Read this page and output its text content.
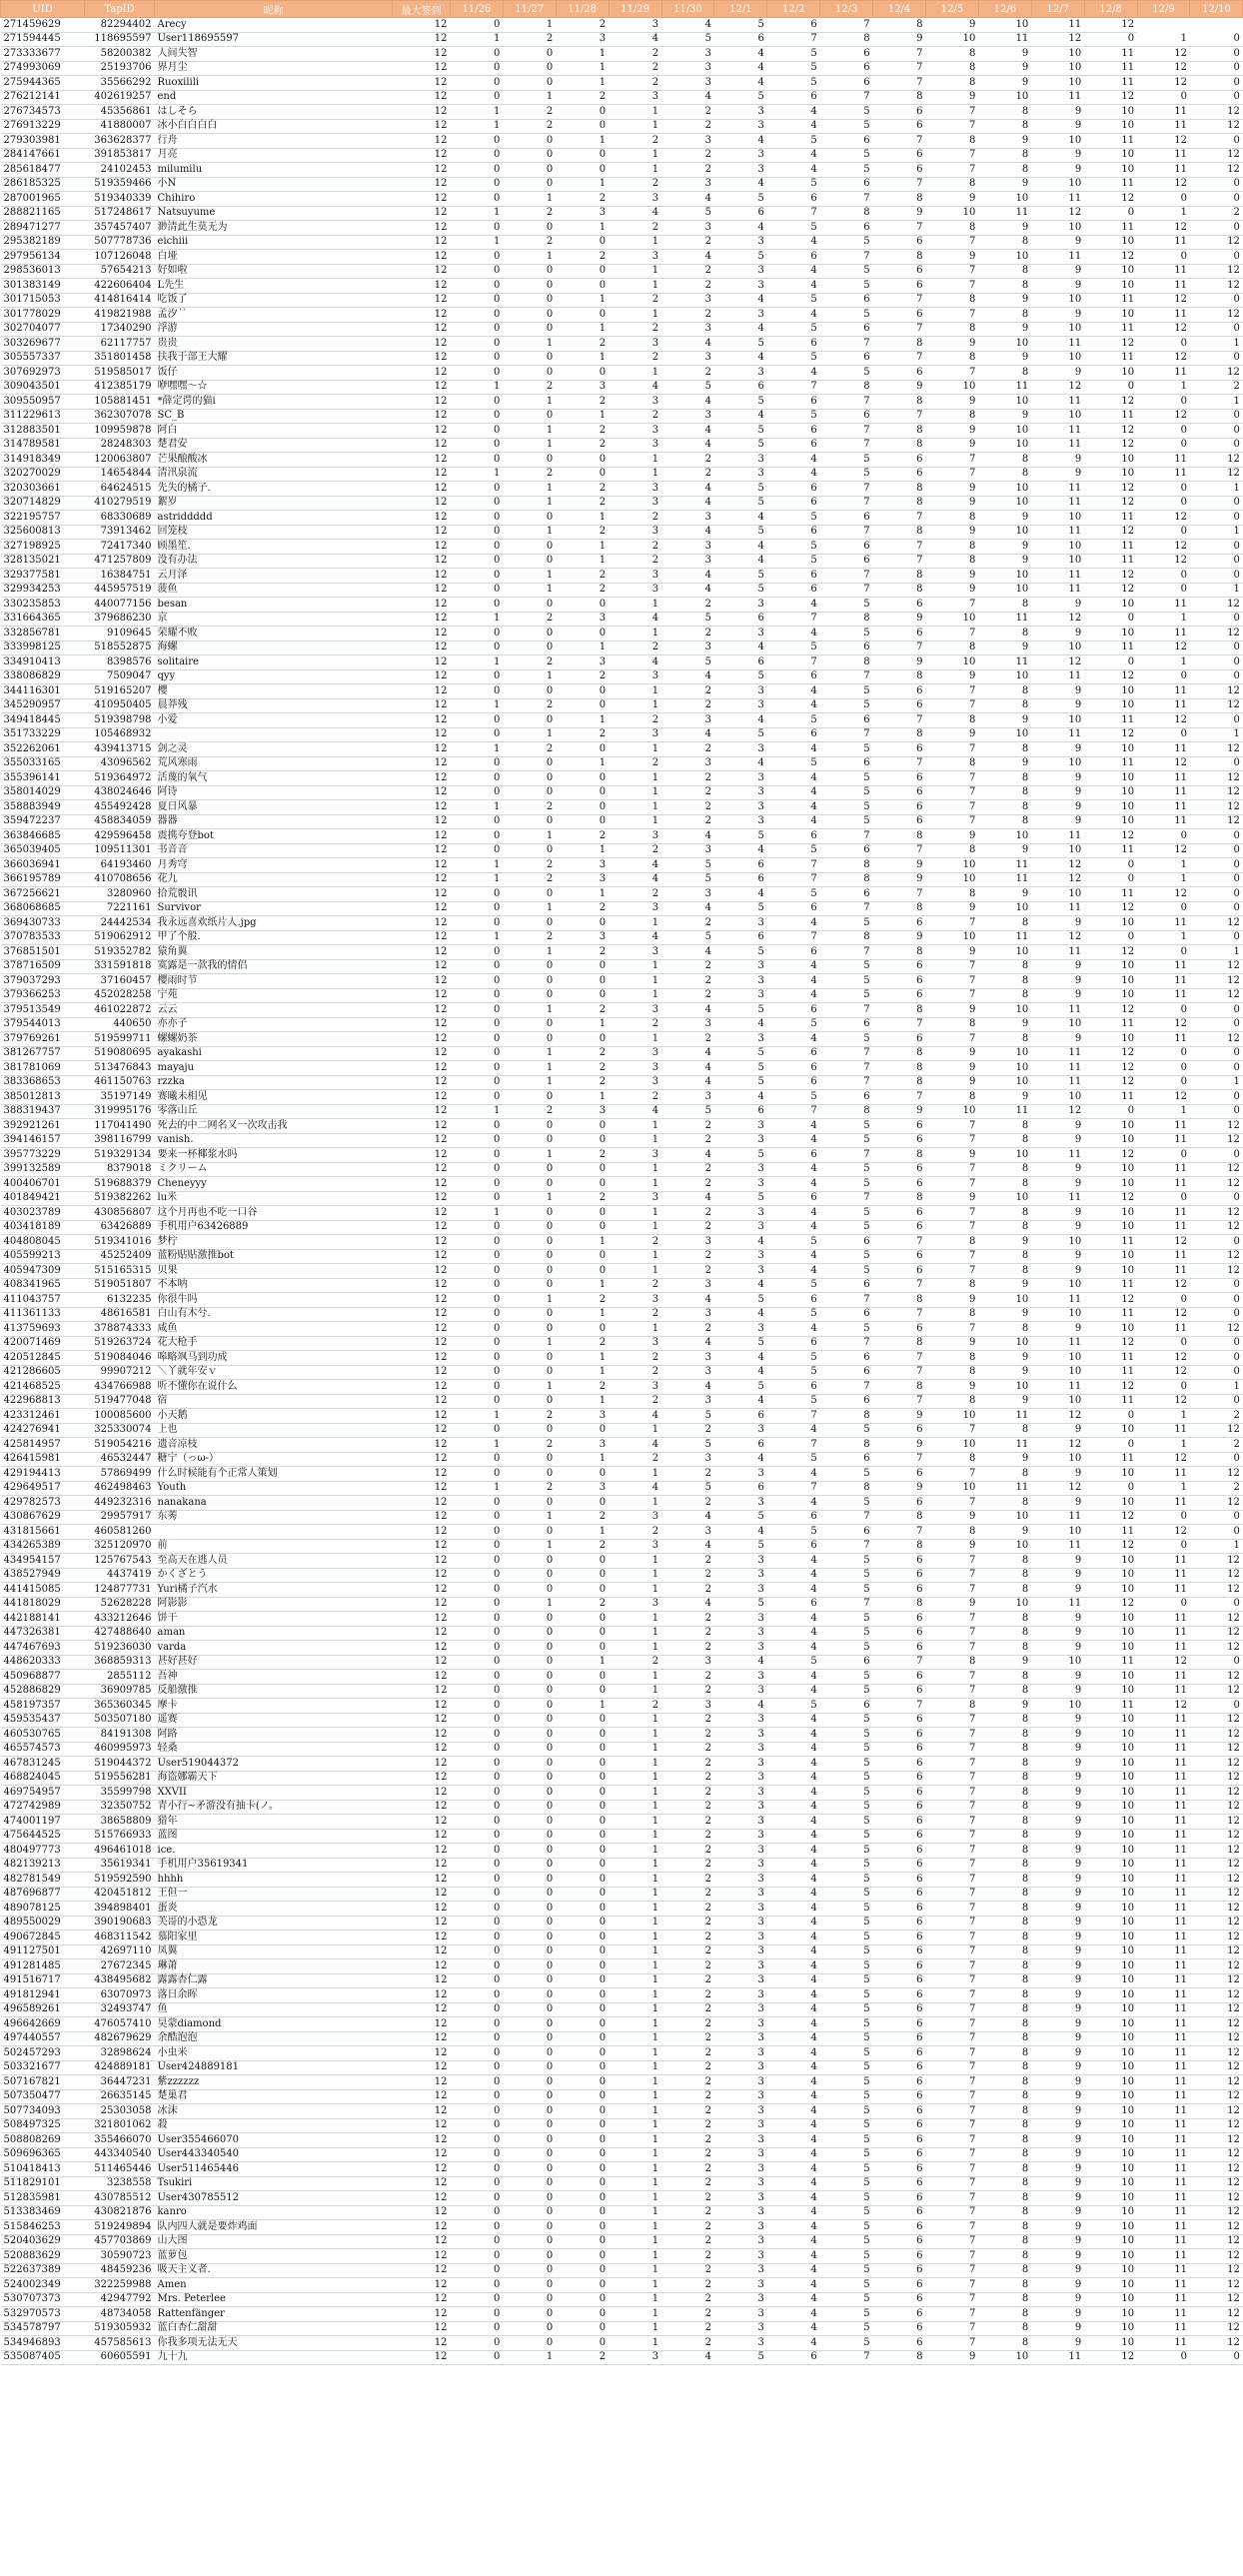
UID	TapID	昵称	最大签到	11/26	11/27	11/28	11/29	11/30	12/1	12/2	12/3	12/4	12/5	12/6	12/7	12/8	12/9	12/10
271459629	82294402	Arecy	12	0	1	2	3	4	5	6	7	8	9	10	11	12		
271594445	118695597	User118695597	12	1	2	3	4	5	6	7	8	9	10	11	12	0	1	0
273333677	58200382	人间失智	12	0	0	1	2	3	4	5	6	7	8	9	10	11	12	0
274993069	25193706	界月尘	12	0	0	1	2	3	4	5	6	7	8	9	10	11	12	0
275944365	35566292	Ruoxilili	12	0	0	1	2	3	4	5	6	7	8	9	10	11	12	0
276212141	402619257	end	12	0	1	2	3	4	5	6	7	8	9	10	11	12	0	0
276734573	45356861	はしそら	12	1	2	0	1	2	3	4	5	6	7	8	9	10	11	12
276913229	41880007	冰小白白白白	12	1	2	0	1	2	3	4	5	6	7	8	9	10	11	12
279303981	363628377	行舟	12	0	0	1	2	3	4	5	6	7	8	9	10	11	12	0
284147661	391853817	月亮	12	0	0	0	1	2	3	4	5	6	7	8	9	10	11	12
285618477	24102453	milumilu	12	0	0	0	1	2	3	4	5	6	7	8	9	10	11	12
286185325	519359466	小N	12	0	0	1	2	3	4	5	6	7	8	9	10	11	12	0
287001965	519340339	Chihiro	12	0	1	2	3	4	5	6	7	8	9	10	11	12	0	0
288821165	517248617	Natsuyume	12	1	2	3	4	5	6	7	8	9	10	11	12	0	1	2
289471277	357457407	渺清此生莫无为	12	0	0	1	2	3	4	5	6	7	8	9	10	11	12	0
295382189	507778736	eichiii	12	1	2	0	1	2	3	4	5	6	7	8	9	10	11	12
297956134	107126048	白垭	12	0	1	2	3	4	5	6	7	8	9	10	11	12	0	0
298536013	57654213	好如啦	12	0	0	0	1	2	3	4	5	6	7	8	9	10	11	12
301383149	422606404	L先生	12	0	0	0	1	2	3	4	5	6	7	8	9	10	11	12
301715053	414816414	吃饭了	12	0	0	1	2	3	4	5	6	7	8	9	10	11	12	0
301778029	419821988	孟汐ˊˋ	12	0	0	0	1	2	3	4	5	6	7	8	9	10	11	12
302704077	17340290	浮游	12	0	0	1	2	3	4	5	6	7	8	9	10	11	12	0
303269677	62117757	贵贵	12	0	1	2	3	4	5	6	7	8	9	10	11	12	0	1
305557337	351801458	扶我于部王大耀	12	0	0	1	2	3	4	5	6	7	8	9	10	11	12	0
307692973	519585017	饭仔	12	0	0	0	1	2	3	4	5	6	7	8	9	10	11	12
309043501	412385179	咿嘿嘿～☆	12	1	2	3	4	5	6	7	8	9	10	11	12	0	1	2
309550957	105881451	*薛定谔的猫i	12	0	1	2	3	4	5	6	7	8	9	10	11	12	0	1
311229613	362307078	SC_B	12	0	0	1	2	3	4	5	6	7	8	9	10	11	12	0
312883501	109959878	阿白	12	0	1	2	3	4	5	6	7	8	9	10	11	12	0	0
314789581	28248303	楚君安	12	0	1	2	3	4	5	6	7	8	9	10	11	12	0	0
314918349	120063807	芒果酿酸冰	12	0	0	0	1	2	3	4	5	6	7	8	9	10	11	12
320270029	14654844	清汛泉流	12	1	2	0	1	2	3	4	5	6	7	8	9	10	11	12
320303661	64624515	先失的橘子.	12	0	1	2	3	4	5	6	7	8	9	10	11	12	0	1
320714829	410279519	絮岁	12	0	1	2	3	4	5	6	7	8	9	10	11	12	0	0
322195757	68330689	astriddddd	12	0	0	1	2	3	4	5	6	7	8	9	10	11	12	0
325600813	73913462	回笼枝	12	0	1	2	3	4	5	6	7	8	9	10	11	12	0	1
327198925	72417340	顾墨笙.	12	0	0	1	2	3	4	5	6	7	8	9	10	11	12	0
328135021	471257809	没有办法	12	0	0	1	2	3	4	5	6	7	8	9	10	11	12	0
329377581	16384751	云月泽	12	0	1	2	3	4	5	6	7	8	9	10	11	12	0	0
329934253	445957519	菠鱼	12	0	1	2	3	4	5	6	7	8	9	10	11	12	0	1
330235853	440077156	besan	12	0	0	0	1	2	3	4	5	6	7	8	9	10	11	12
331664365	379686230	京	12	1	2	3	4	5	6	7	8	9	10	11	12	0	1	0
332856781	9109645	荣耀不败	12	0	0	0	1	2	3	4	5	6	7	8	9	10	11	12
333998125	518552875	海螺	12	0	0	1	2	3	4	5	6	7	8	9	10	11	12	0
334910413	8398576	solitaire	12	1	2	3	4	5	6	7	8	9	10	11	12	0	1	0
338086829	7509047	qyy	12	0	1	2	3	4	5	6	7	8	9	10	11	12	0	0
344116301	519165207	樱	12	0	0	0	1	2	3	4	5	6	7	8	9	10	11	12
345290957	410950405	晨莽残	12	1	2	0	1	2	3	4	5	6	7	8	9	10	11	12
349418445	519398798	小爱	12	0	0	1	2	3	4	5	6	7	8	9	10	11	12	0
351733229	105468932		12	0	1	2	3	4	5	6	7	8	9	10	11	12	0	1
352262061	439413715	剑之灵	12	1	2	0	1	2	3	4	5	6	7	8	9	10	11	12
355033165	43096562	荒风寒雨	12	0	0	1	2	3	4	5	6	7	8	9	10	11	12	0
355396141	519364972	活蔑的氧气	12	0	0	0	1	2	3	4	5	6	7	8	9	10	11	12
358014029	438024646	阿诗	12	0	0	0	1	2	3	4	5	6	7	8	9	10	11	12
358883949	455492428	夏日风暴	12	1	2	0	1	2	3	4	5	6	7	8	9	10	11	12
359472237	458834059	器器	12	0	0	0	1	2	3	4	5	6	7	8	9	10	11	12
363846685	429596458	震携夸登bot	12	0	1	2	3	4	5	6	7	8	9	10	11	12	0	0
365039405	109511301	书音音	12	0	0	1	2	3	4	5	6	7	8	9	10	11	12	0
366036941	64193460	月秀穹	12	1	2	3	4	5	6	7	8	9	10	11	12	0	1	0
366195789	410708656	花九	12	1	2	3	4	5	6	7	8	9	10	11	12	0	1	0
367256621	3280960	拾荒骰讯	12	0	0	1	2	3	4	5	6	7	8	9	10	11	12	0
368068685	7221161	Survivor	12	0	1	2	3	4	5	6	7	8	9	10	11	12	0	0
369430733	24442534	我永远喜欢纸片人.jpg	12	0	0	0	1	2	3	4	5	6	7	8	9	10	11	12
370783533	519062912	甲了个般.	12	1	2	3	4	5	6	7	8	9	10	11	12	0	1	0
376851501	519352782	猿角翼	12	0	1	2	3	4	5	6	7	8	9	10	11	12	0	1
378716509	331591818	寞露是一款我的情侣	12	0	0	0	1	2	3	4	5	6	7	8	9	10	11	12
379037293	37160457	樱雨时节	12	0	0	0	1	2	3	4	5	6	7	8	9	10	11	12
379366253	452028258	宁苑	12	0	0	0	1	2	3	4	5	6	7	8	9	10	11	12
379513549	461022872	云云	12	0	1	2	3	4	5	6	7	8	9	10	11	12	0	0
379544013	440650	亦亦子	12	0	0	1	2	3	4	5	6	7	8	9	10	11	12	0
379769261	519599711	螺螺奶茶	12	0	0	0	1	2	3	4	5	6	7	8	9	10	11	12
381267757	519080695	ayakashi	12	0	1	2	3	4	5	6	7	8	9	10	11	12	0	0
381781069	513476843	mayaju	12	0	1	2	3	4	5	6	7	8	9	10	11	12	0	0
383368653	461150763	rzzka	12	0	1	2	3	4	5	6	7	8	9	10	11	12	0	1
385012813	35197149	赛曦未相见	12	0	0	1	2	3	4	5	6	7	8	9	10	11	12	0
388319437	319995176	零落山丘	12	1	2	3	4	5	6	7	8	9	10	11	12	0	1	0
392921261	117041490	死去的中二网名又一次攻击我	12	0	0	0	1	2	3	4	5	6	7	8	9	10	11	12
394146157	398116799	vanish.	12	0	0	0	1	2	3	4	5	6	7	8	9	10	11	12
395773229	519329134	要来一杯椰浆水吗	12	0	1	2	3	4	5	6	7	8	9	10	11	12	0	0
399132589	8379018	ミクリーム	12	0	0	0	1	2	3	4	5	6	7	8	9	10	11	12
400406701	519688379	Cheneyyy	12	0	0	0	1	2	3	4	5	6	7	8	9	10	11	12
401849421	519382262	lu米	12	0	1	2	3	4	5	6	7	8	9	10	11	12	0	0
403023789	430856807	这个月再也不吃一口谷	12	1	0	0	1	2	3	4	5	6	7	8	9	10	11	12
403418189	63426889	手机用户63426889	12	0	0	0	1	2	3	4	5	6	7	8	9	10	11	12
404808045	519341016	梦柠	12	0	0	1	2	3	4	5	6	7	8	9	10	11	12	0
405599213	45252409	蓝粉贴贴激推bot	12	0	0	0	1	2	3	4	5	6	7	8	9	10	11	12
405947309	515165315	贝果	12	0	0	0	1	2	3	4	5	6	7	8	9	10	11	12
408341965	519051807	不本呐	12	0	0	1	2	3	4	5	6	7	8	9	10	11	12	0
411043757	6132235	你很牛吗	12	0	1	2	3	4	5	6	7	8	9	10	11	12	0	0
411361133	48616581	白山有木兮.	12	0	0	1	2	3	4	5	6	7	8	9	10	11	12	0
413759693	378874333	咸鱼	12	0	0	0	1	2	3	4	5	6	7	8	9	10	11	12
420071469	519263724	花大枪手	12	0	1	2	3	4	5	6	7	8	9	10	11	12	0	0
420512845	519084046	嗥略飒马到功成	12	0	0	1	2	3	4	5	6	7	8	9	10	11	12	0
421286605	99907212	＼丫就年安ｖ	12	0	0	1	2	3	4	5	6	7	8	9	10	11	12	0
421468525	434766988	听不懂你在说什么	12	0	1	2	3	4	5	6	7	8	9	10	11	12	0	1
422968813	519477048	宿	12	0	0	1	2	3	4	5	6	7	8	9	10	11	12	0
423312461	100085600	小天鹅	12	1	2	3	4	5	6	7	8	9	10	11	12	0	1	2
424276941	325330074	上也	12	0	0	0	1	2	3	4	5	6	7	8	9	10	11	12
425814957	519054216	遗音凉枝	12	1	2	3	4	5	6	7	8	9	10	11	12	0	1	2
426415981	46532447	糖宁（っω-）	12	0	0	1	2	3	4	5	6	7	8	9	10	11	12	0
429194413	57869499	什么时候能有个正常人策划	12	0	0	0	1	2	3	4	5	6	7	8	9	10	11	12
429649517	462498463	Youth	12	1	2	3	4	5	6	7	8	9	10	11	12	0	1	2
429782573	449232316	nanakana	12	0	0	0	1	2	3	4	5	6	7	8	9	10	11	12
430867629	29957917	东莠	12	0	1	2	3	4	5	6	7	8	9	10	11	12	0	0
431815661	460581260		12	0	0	1	2	3	4	5	6	7	8	9	10	11	12	0
434265389	325120970	前	12	0	1	2	3	4	5	6	7	8	9	10	11	12	0	1
434954157	125767543	至高天在逃人员	12	0	0	0	1	2	3	4	5	6	7	8	9	10	11	12
438527949	4437419	かくざとう	12	0	0	0	1	2	3	4	5	6	7	8	9	10	11	12
441415085	124877731	Yuri橘子汽水	12	0	0	0	1	2	3	4	5	6	7	8	9	10	11	12
441818029	52628228	阿影影	12	0	1	2	3	4	5	6	7	8	9	10	11	12	0	0
442188141	433212646	饼干	12	0	0	0	1	2	3	4	5	6	7	8	9	10	11	12
447326381	427488640	aman	12	0	0	0	1	2	3	4	5	6	7	8	9	10	11	12
447467693	519236030	varda	12	0	0	0	1	2	3	4	5	6	7	8	9	10	11	12
448620333	368859313	甚好甚好	12	0	0	1	2	3	4	5	6	7	8	9	10	11	12	0
450968877	2855112	吾神	12	0	0	0	1	2	3	4	5	6	7	8	9	10	11	12
452886829	36909785	反船激推	12	0	0	0	1	2	3	4	5	6	7	8	9	10	11	12
458197357	365360345	摩卡	12	0	0	1	2	3	4	5	6	7	8	9	10	11	12	0
459535437	503507180	遥赛	12	0	0	0	1	2	3	4	5	6	7	8	9	10	11	12
460530765	84191308	阿路	12	0	0	0	1	2	3	4	5	6	7	8	9	10	11	12
465574573	460995973	轻桑	12	0	0	0	1	2	3	4	5	6	7	8	9	10	11	12
467831245	519044372	User519044372	12	0	0	0	1	2	3	4	5	6	7	8	9	10	11	12
468824045	519556281	海盗娜霸天下	12	0	0	0	1	2	3	4	5	6	7	8	9	10	11	12
469754957	35599798	XXVII	12	0	0	0	1	2	3	4	5	6	7	8	9	10	11	12
472742989	32350752	青小行~矛游没有抽卡(ノ。	12	0	0	0	1	2	3	4	5	6	7	8	9	10	11	12
474001197	38658809	猎年	12	0	0	0	1	2	3	4	5	6	7	8	9	10	11	12
475644525	515766933	蓝图	12	0	0	0	1	2	3	4	5	6	7	8	9	10	11	12
480497773	496461018	ice.	12	0	0	0	1	2	3	4	5	6	7	8	9	10	11	12
482139213	35619341	手机用户35619341	12	0	0	0	1	2	3	4	5	6	7	8	9	10	11	12
482781549	519592590	hhhh	12	0	0	0	1	2	3	4	5	6	7	8	9	10	11	12
487696877	420451812	王但一	12	0	0	0	1	2	3	4	5	6	7	8	9	10	11	12
489078125	394898401	蛋炎	12	0	0	0	1	2	3	4	5	6	7	8	9	10	11	12
489550029	390190683	芙哥的小恐龙	12	0	0	0	1	2	3	4	5	6	7	8	9	10	11	12
490672845	468311542	慕阳家里	12	0	0	0	1	2	3	4	5	6	7	8	9	10	11	12
491127501	42697110	凤翼	12	0	0	0	1	2	3	4	5	6	7	8	9	10	11	12
491281485	27672345	琳萧	12	0	0	0	1	2	3	4	5	6	7	8	9	10	11	12
491516717	438495682	露露杏仁露	12	0	0	0	1	2	3	4	5	6	7	8	9	10	11	12
491812941	63070973	落日余晖	12	0	0	0	1	2	3	4	5	6	7	8	9	10	11	12
496589261	32493747	鱼	12	0	0	0	1	2	3	4	5	6	7	8	9	10	11	12
496642669	476057410	昊蒙diamond	12	0	0	0	1	2	3	4	5	6	7	8	9	10	11	12
497440557	482679629	余酷泡泡	12	0	0	0	1	2	3	4	5	6	7	8	9	10	11	12
502457293	32898624	小虫米	12	0	0	0	1	2	3	4	5	6	7	8	9	10	11	12
503321677	424889181	User424889181	12	0	0	0	1	2	3	4	5	6	7	8	9	10	11	12
507167821	36447231	紫zzzzzz	12	0	0	0	1	2	3	4	5	6	7	8	9	10	11	12
507350477	26635145	楚巢君	12	0	0	0	1	2	3	4	5	6	7	8	9	10	11	12
507734093	25303058	冰沫	12	0	0	0	1	2	3	4	5	6	7	8	9	10	11	12
508497325	321801062	殺	12	0	0	0	1	2	3	4	5	6	7	8	9	10	11	12
508808269	355466070	User355466070	12	0	0	0	1	2	3	4	5	6	7	8	9	10	11	12
509696365	443340540	User443340540	12	0	0	0	1	2	3	4	5	6	7	8	9	10	11	12
510418413	511465446	User511465446	12	0	0	0	1	2	3	4	5	6	7	8	9	10	11	12
511829101	3238558	Tsukiri	12	0	0	0	1	2	3	4	5	6	7	8	9	10	11	12
512835981	430785512	User430785512	12	0	0	0	1	2	3	4	5	6	7	8	9	10	11	12
513383469	430821876	kanro	12	0	0	0	1	2	3	4	5	6	7	8	9	10	11	12
515846253	519249894	队内四人就是要炸鸡面	12	0	0	0	1	2	3	4	5	6	7	8	9	10	11	12
520403629	457703869	山大图	12	0	0	0	1	2	3	4	5	6	7	8	9	10	11	12
520883629	30590723	蓝萝包	12	0	0	0	1	2	3	4	5	6	7	8	9	10	11	12
522637389	48459236	吸天主义者.	12	0	0	0	1	2	3	4	5	6	7	8	9	10	11	12
524002349	322259988	Amen	12	0	0	0	1	2	3	4	5	6	7	8	9	10	11	12
530707373	42947792	Mrs. Peterlee	12	0	0	0	1	2	3	4	5	6	7	8	9	10	11	12
532970573	48734058	Rattenfänger	12	0	0	0	1	2	3	4	5	6	7	8	9	10	11	12
534578797	519305932	蓝白杏仁甜甜	12	0	0	0	1	2	3	4	5	6	7	8	9	10	11	12
534946893	457585613	你我多项无法无天	12	0	0	0	1	2	3	4	5	6	7	8	9	10	11	12
535087405	60605591	九十九	12	0	1	2	3	4	5	6	7	8	9	10	11	12	0	0
